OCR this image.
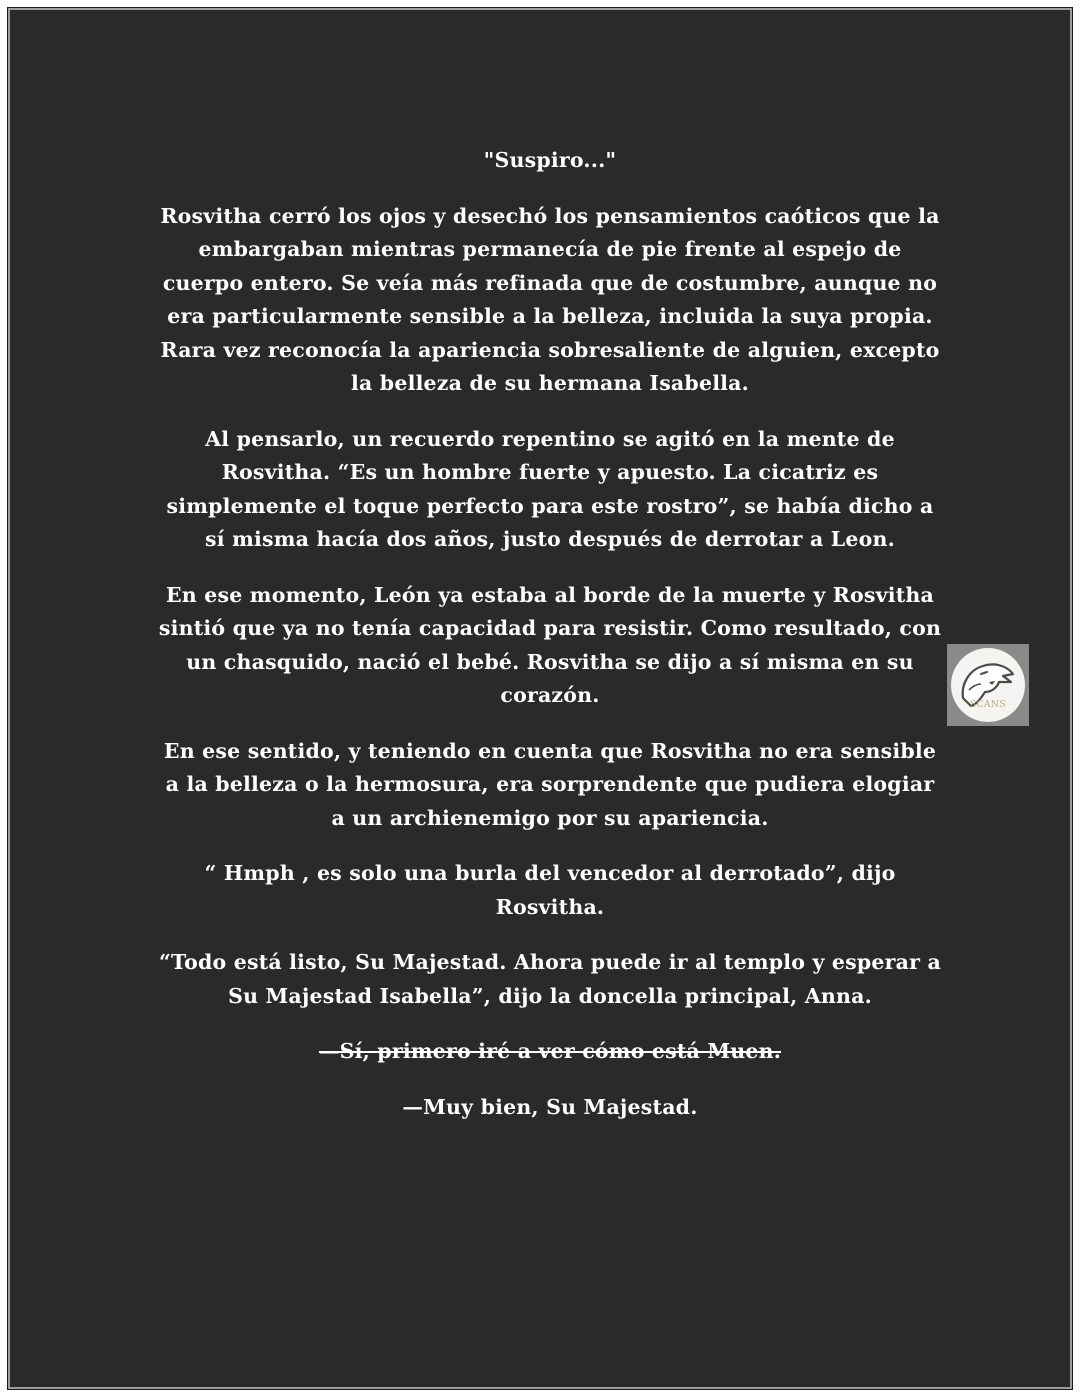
"Suspiro..."

Rosvitha cerró los ojos y desechó los pensamientos caóticos que la embargaban mientras permanecía de pie frente al espejo de cuerpo entero. Se veía más refinada que de costumbre, aunque no era particularmente sensible a la belleza, incluida la suya propia. Rara vez reconocía la apariencia sobresaliente de alguien, excepto la belleza de su hermana Isabella.

Al pensarlo, un recuerdo repentino se agitó en la mente de Rosvitha. “Es un hombre fuerte y apuesto. La cicatriz es simplemente el toque perfecto para este rostro”, se había dicho a sí misma hacía dos años, justo después de derrotar a Leon.

En ese momento, León ya estaba al borde de la muerte y Rosvitha sintió que ya no tenía capacidad para resistir. Como resultado, con un chasquido, nació el bebé. Rosvitha se dijo a sí misma en su corazón.

En ese sentido, y teniendo en cuenta que Rosvitha no era sensible a la belleza o la hermosura, era sorprendente que pudiera elogiar a un archienemigo por su apariencia.

“ Hmph , es solo una burla del vencedor al derrotado”, dijo Rosvitha.

“Todo está listo, Su Majestad. Ahora puede ir al templo y esperar a Su Majestad Isabella”, dijo la doncella principal, Anna.

—Sí, primero iré a ver cómo está Muen.

—Muy bien, Su Majestad.

SCANS
